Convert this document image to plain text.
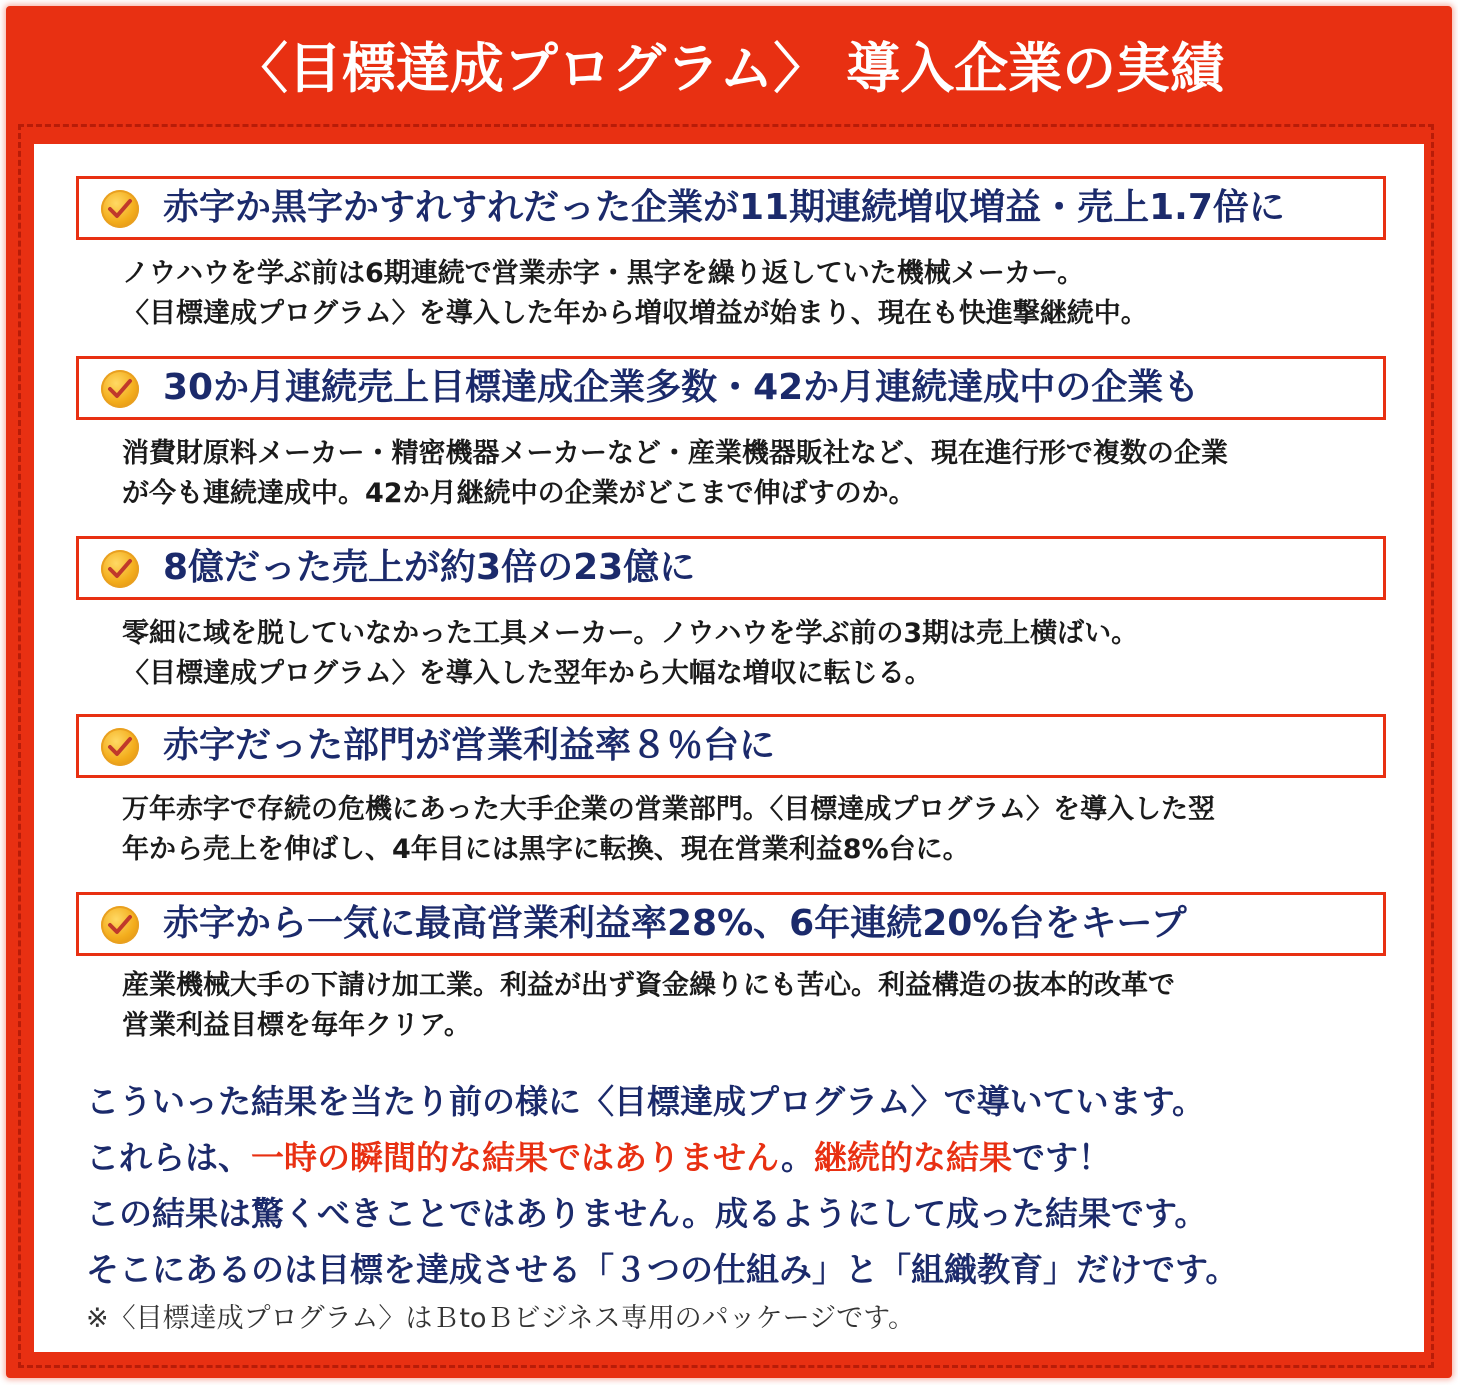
〈目標達成プログラム〉 導入企業の実績
赤字か黒字かすれすれだった企業が11期連続増収増益・売上1.7倍に
ノウハウを学ぶ前は6期連続で営業赤字・黒字を繰り返していた機械メーカー。
〈目標達成プログラム〉を導入した年から増収増益が始まり、現在も快進撃継続中。
30か月連続売上目標達成企業多数・42か月連続達成中の企業も
消費財原料メーカー・精密機器メーカーなど・産業機器販社など、現在進行形で複数の企業
が今も連続達成中。42か月継続中の企業がどこまで伸ばすのか。
8億だった売上が約3倍の23億に
零細に域を脱していなかった工具メーカー。ノウハウを学ぶ前の3期は売上横ばい。
〈目標達成プログラム〉を導入した翌年から大幅な増収に転じる。
赤字だった部門が営業利益率８％台に
万年赤字で存続の危機にあった大手企業の営業部門。〈目標達成プログラム〉を導入した翌
年から売上を伸ばし、4年目には黒字に転換、現在営業利益8%台に。
赤字から一気に最高営業利益率28%、6年連続20%台をキープ
産業機械大手の下請け加工業。利益が出ず資金繰りにも苦心。利益構造の抜本的改革で
営業利益目標を毎年クリア。
こういった結果を当たり前の様に〈目標達成プログラム〉で導いています。
これらは、一時の瞬間的な結果ではありません。継続的な結果です！
この結果は驚くべきことではありません。成るようにして成った結果です。
そこにあるのは目標を達成させる「３つの仕組み」と「組織教育」だけです。
※〈目標達成プログラム〉はＢtoＢビジネス専用のパッケージです。
